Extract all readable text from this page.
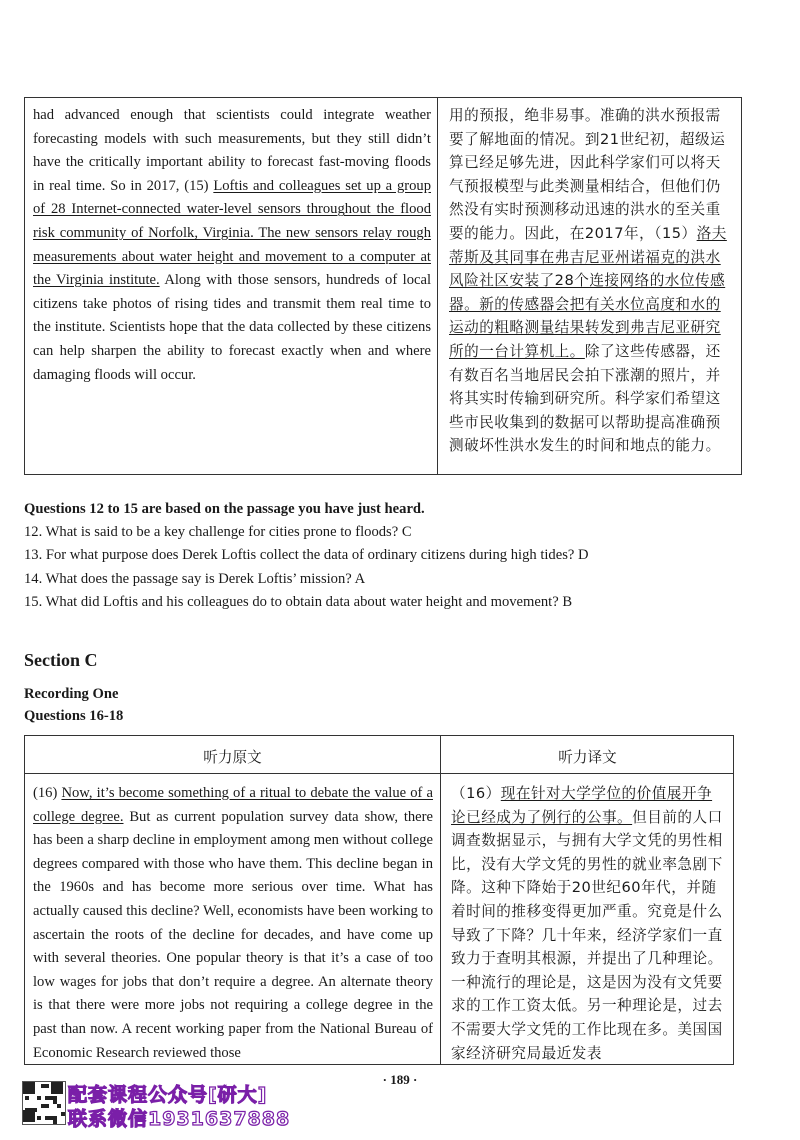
had advanced enough that scientists could integrate weather forecasting models with such measurements, but they still didn’t have the critically important ability to forecast fast-moving floods in real time. So in 2017, (15) Loftis and colleagues set up a group of 28 Internet-connected water-level sensors throughout the flood risk community of Norfolk, Virginia. The new sensors relay rough measurements about water height and movement to a computer at the Virginia institute. Along with those sensors, hundreds of local citizens take photos of rising tides and transmit them real time to the institute. Scientists hope that the data collected by these citizens can help sharpen the ability to forecast exactly when and where damaging floods will occur.
用的预报，绝非易事。准确的洪水预报需要了解地面的情况。到21世纪初，超级运算已经足够先进，因此科学家们可以将天气预报模型与此类测量相结合，但他们仍然没有实时预测移动迅速的洪水的至关重要的能力。因此，在2017年，（15）洛夫蒂斯及其同事在弗吉尼亚州诺福克的洪水风险社区安装了28个连接网络的水位传感器。新的传感器会把有关水位高度和水的运动的粗略测量结果转发到弗吉尼亚研究所的一台计算机上。除了这些传感器，还有数百名当地居民会拍下涨潮的照片，并将其实时传输到研究所。科学家们希望这些市民收集到的数据可以帮助提高准确预测破坏性洪水发生的时间和地点的能力。
Questions 12 to 15 are based on the passage you have just heard.
12. What is said to be a key challenge for cities prone to floods? C
13. For what purpose does Derek Loftis collect the data of ordinary citizens during high tides? D
14. What does the passage say is Derek Loftis’ mission? A
15. What did Loftis and his colleagues do to obtain data about water height and movement? B
Section C
Recording One
Questions 16-18
听力原文	听力译文
(16) Now, it’s become something of a ritual to debate the value of a college degree. But as current population survey data show, there has been a sharp decline in employment among men without college degrees compared with those who have them. This decline began in the 1960s and has become more serious over time. What has actually caused this decline? Well, economists have been working to ascertain the roots of the decline for decades, and have come up with several theories. One popular theory is that it’s a case of too low wages for jobs that don’t require a degree. An alternate theory is that there were more jobs not requiring a college degree in the past than now. A recent working paper from the National Bureau of Economic Research reviewed those
（16）现在针对大学学位的价值展开争论已经成为了例行的公事。但目前的人口调查数据显示，与拥有大学文凭的男性相比，没有大学文凭的男性的就业率急剧下降。这种下降始于20世纪60年代，并随着时间的推移变得更加严重。究竟是什么导致了下降？几十年来，经济学家们一直致力于查明其根源，并提出了几种理论。一种流行的理论是，这是因为没有文凭要求的工作工资太低。另一种理论是，过去不需要大学文凭的工作比现在多。美国国家经济研究局最近发表
· 189 ·
配套课程公众号[研大]
联系微信1931637888
